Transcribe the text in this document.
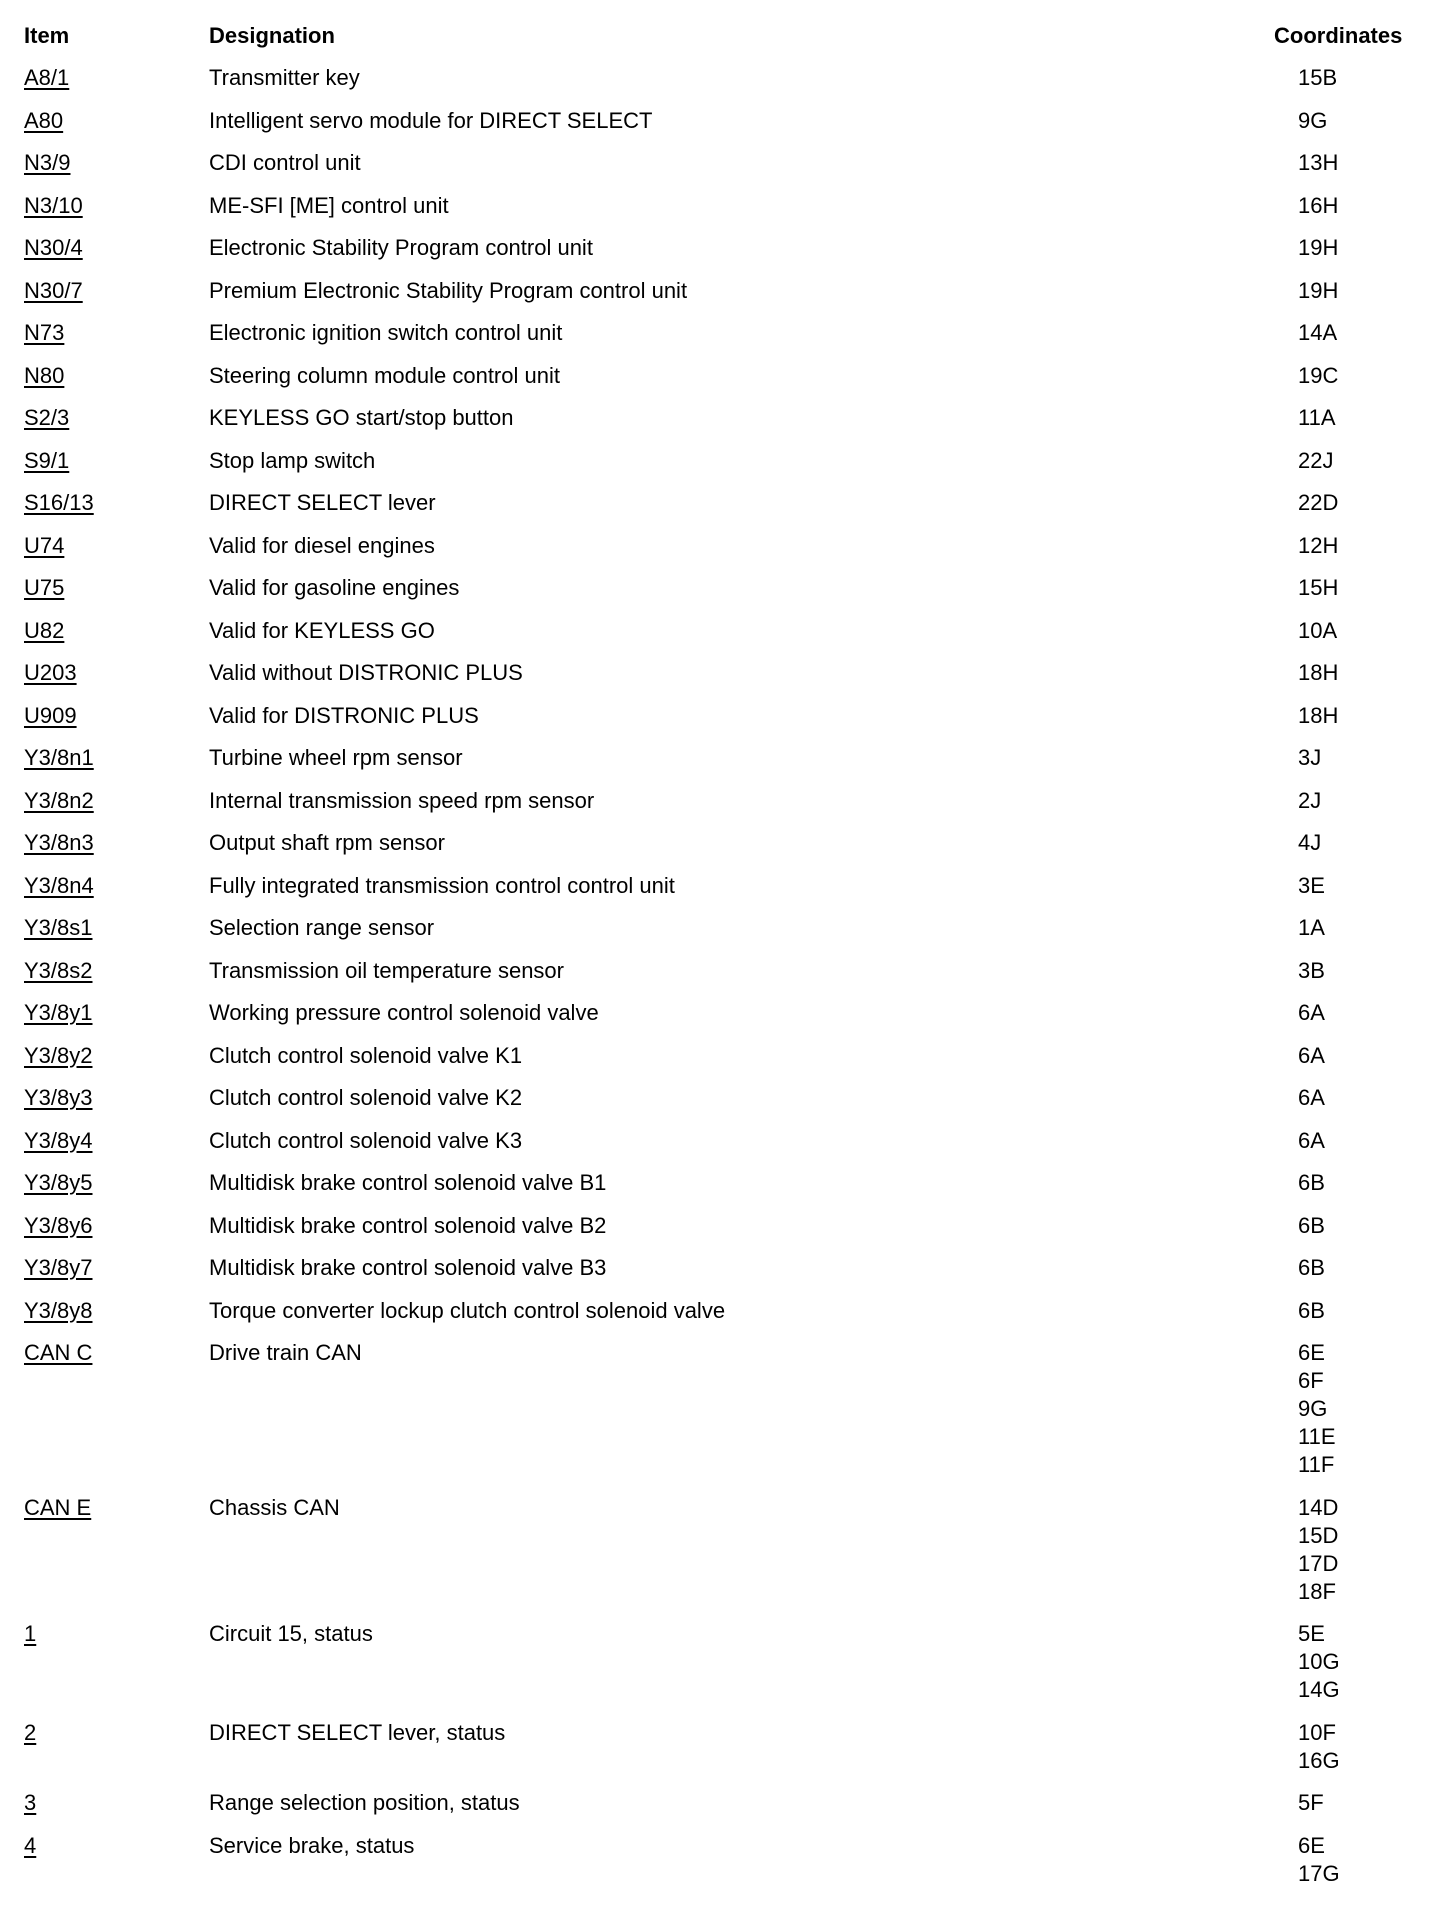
Item	Designation	Coordinates
A8/1	Transmitter key	15B
A80	Intelligent servo module for DIRECT SELECT	9G
N3/9	CDI control unit	13H
N3/10	ME-SFI [ME] control unit	16H
N30/4	Electronic Stability Program control unit	19H
N30/7	Premium Electronic Stability Program control unit	19H
N73	Electronic ignition switch control unit	14A
N80	Steering column module control unit	19C
S2/3	KEYLESS GO start/stop button	11A
S9/1	Stop lamp switch	22J
S16/13	DIRECT SELECT lever	22D
U74	Valid for diesel engines	12H
U75	Valid for gasoline engines	15H
U82	Valid for KEYLESS GO	10A
U203	Valid without DISTRONIC PLUS	18H
U909	Valid for DISTRONIC PLUS	18H
Y3/8n1	Turbine wheel rpm sensor	3J
Y3/8n2	Internal transmission speed rpm sensor	2J
Y3/8n3	Output shaft rpm sensor	4J
Y3/8n4	Fully integrated transmission control control unit	3E
Y3/8s1	Selection range sensor	1A
Y3/8s2	Transmission oil temperature sensor	3B
Y3/8y1	Working pressure control solenoid valve	6A
Y3/8y2	Clutch control solenoid valve K1	6A
Y3/8y3	Clutch control solenoid valve K2	6A
Y3/8y4	Clutch control solenoid valve K3	6A
Y3/8y5	Multidisk brake control solenoid valve B1	6B
Y3/8y6	Multidisk brake control solenoid valve B2	6B
Y3/8y7	Multidisk brake control solenoid valve B3	6B
Y3/8y8	Torque converter lockup clutch control solenoid valve	6B
CAN C	Drive train CAN	6E
6F
9G
11E
11F
CAN E	Chassis CAN	14D
15D
17D
18F
1	Circuit 15, status	5E
10G
14G
2	DIRECT SELECT lever, status	10F
16G
3	Range selection position, status	5F
4	Service brake, status	6E
17G
